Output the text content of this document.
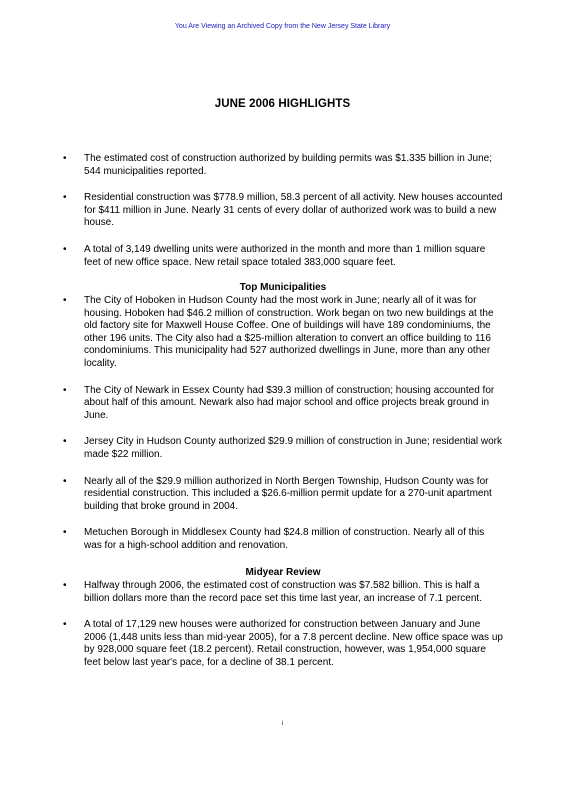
You Are Viewing an Archived Copy from the New Jersey State Library
JUNE 2006 HIGHLIGHTS
• The estimated cost of construction authorized by building permits was $1.335 billion in June; 544 municipalities reported.
• Residential construction was $778.9 million, 58.3 percent of all activity. New houses accounted for $411 million in June. Nearly 31 cents of every dollar of authorized work was to build a new house.
• A total of 3,149 dwelling units were authorized in the month and more than 1 million square feet of new office space. New retail space totaled 383,000 square feet.
Top Municipalities
• The City of Hoboken in Hudson County had the most work in June; nearly all of it was for housing. Hoboken had $46.2 million of construction. Work began on two new buildings at the old factory site for Maxwell House Coffee. One of buildings will have 189 condominiums, the other 196 units. The City also had a $25-million alteration to convert an office building to 116 condominiums. This municipality had 527 authorized dwellings in June, more than any other locality.
• The City of Newark in Essex County had $39.3 million of construction; housing accounted for about half of this amount. Newark also had major school and office projects break ground in June.
• Jersey City in Hudson County authorized $29.9 million of construction in June; residential work made $22 million.
• Nearly all of the $29.9 million authorized in North Bergen Township, Hudson County was for residential construction. This included a $26.6-million permit update for a 270-unit apartment building that broke ground in 2004.
• Metuchen Borough in Middlesex County had $24.8 million of construction. Nearly all of this was for a high-school addition and renovation.
Midyear Review
• Halfway through 2006, the estimated cost of construction was $7.582 billion. This is half a billion dollars more than the record pace set this time last year, an increase of 7.1 percent.
• A total of 17,129 new houses were authorized for construction between January and June 2006 (1,448 units less than mid-year 2005), for a 7.8 percent decline. New office space was up by 928,000 square feet (18.2 percent). Retail construction, however, was 1,954,000 square feet below last year's pace, for a decline of 38.1 percent.
i
